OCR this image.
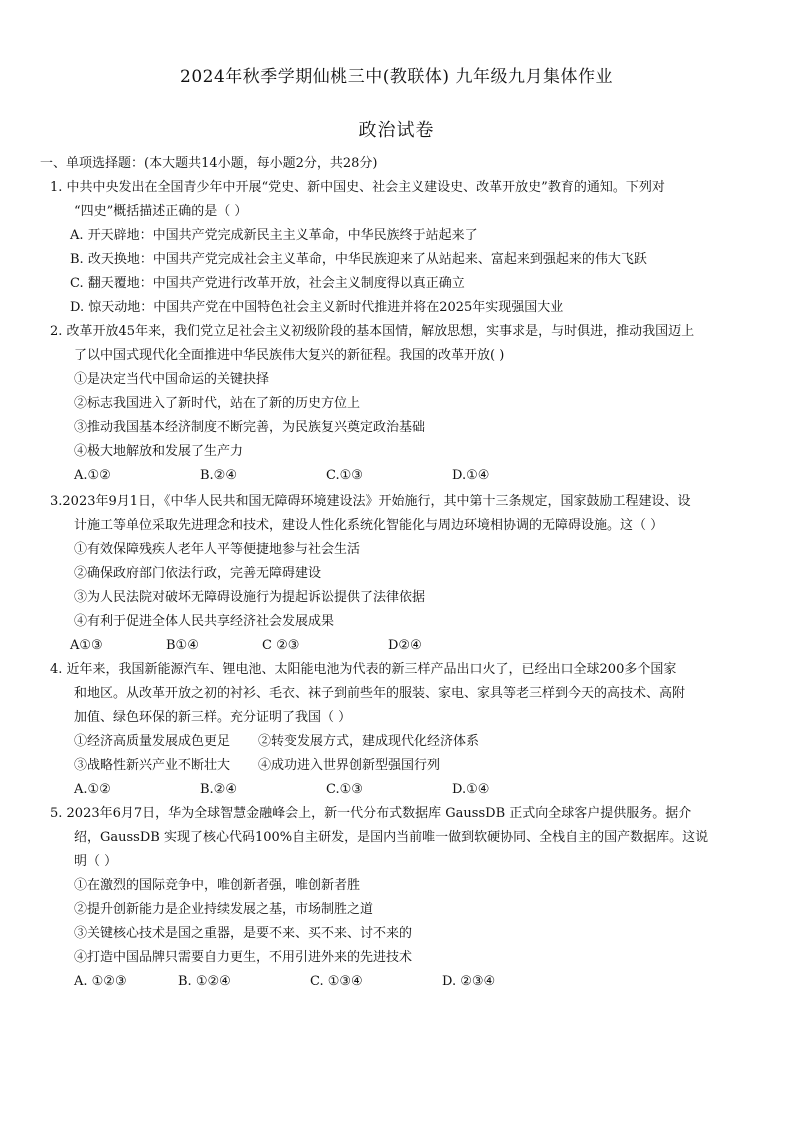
2024年秋季学期仙桃三中(教联体) 九年级九月集体作业
政治试卷
一、单项选择题：(本大题共14小题，每小题2分，共28分)
1. 中共中央发出在全国青少年中开展“党史、新中国史、社会主义建设史、改革开放史”教育的通知。下列对
“四史”概括描述正确的是（ ）
A. 开天辟地：中国共产党完成新民主主义革命，中华民族终于站起来了
B. 改天换地：中国共产党完成社会主义革命，中华民族迎来了从站起来、富起来到强起来的伟大飞跃
C. 翻天覆地：中国共产党进行改革开放，社会主义制度得以真正确立
D. 惊天动地：中国共产党在中国特色社会主义新时代推进并将在2025年实现强国大业
2. 改革开放45年来，我们党立足社会主义初级阶段的基本国情，解放思想，实事求是，与时俱进，推动我国迈上
了以中国式现代化全面推进中华民族伟大复兴的新征程。我国的改革开放( )
①是决定当代中国命运的关键抉择
②标志我国进入了新时代，站在了新的历史方位上
③推动我国基本经济制度不断完善，为民族复兴奠定政治基础
④极大地解放和发展了生产力
A.①②	B.②④	C.①③	D.①④
3.2023年9月1日，《中华人民共和国无障碍环境建设法》开始施行，其中第十三条规定，国家鼓励工程建设、设
计施工等单位采取先进理念和技术，建设人性化系统化智能化与周边环境相协调的无障碍设施。这（ ）
①有效保障残疾人老年人平等便捷地参与社会生活
②确保政府部门依法行政，完善无障碍建设
③为人民法院对破坏无障碍设施行为提起诉讼提供了法律依据
④有利于促进全体人民共享经济社会发展成果
A①③	B①④	C ②③	D②④
4. 近年来，我国新能源汽车、锂电池、太阳能电池为代表的新三样产品出口火了，已经出口全球200多个国家
和地区。从改革开放之初的衬衫、毛衣、袜子到前些年的服装、家电、家具等老三样到今天的高技术、高附
加值、绿色环保的新三样。充分证明了我国（ ）
①经济高质量发展成色更足	②转变发展方式，建成现代化经济体系
③战略性新兴产业不断壮大	④成功进入世界创新型强国行列
A.①②	B.②④	C.①③	D.①④
5. 2023年6月7日，华为全球智慧金融峰会上，新一代分布式数据库 GaussDB 正式向全球客户提供服务。据介
绍，GaussDB 实现了核心代码100%自主研发，是国内当前唯一做到软硬协同、全栈自主的国产数据库。这说
明（ ）
①在激烈的国际竞争中，唯创新者强，唯创新者胜
②提升创新能力是企业持续发展之基，市场制胜之道
③关键核心技术是国之重器，是要不来、买不来、讨不来的
④打造中国品牌只需要自力更生，不用引进外来的先进技术
A. ①②③	B. ①②④	C. ①③④	D. ②③④
